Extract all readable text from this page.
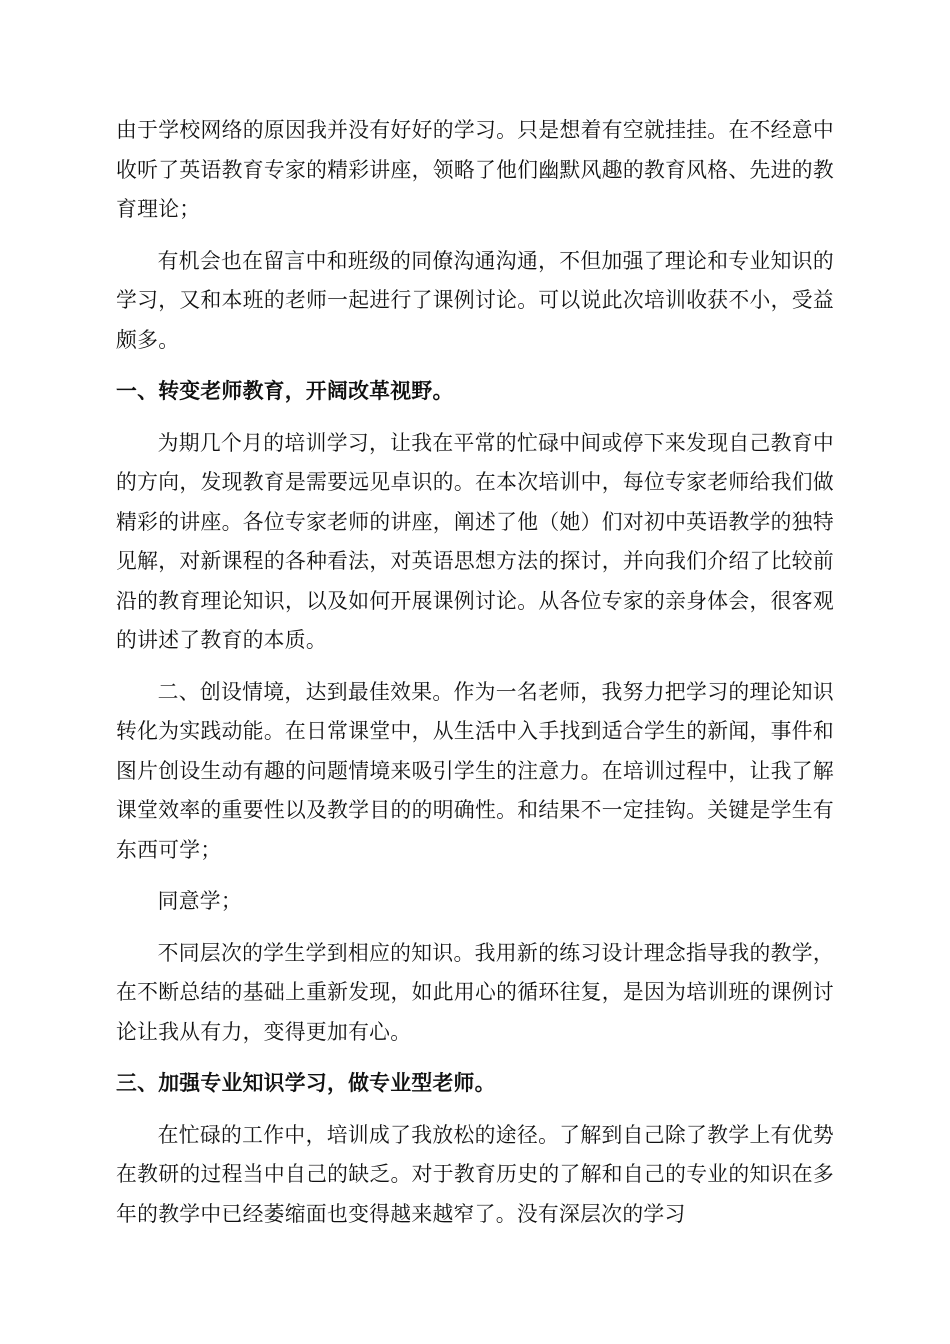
由于学校网络的原因我并没有好好的学习。只是想着有空就挂挂。在不经意中收听了英语教育专家的精彩讲座，领略了他们幽默风趣的教育风格、先进的教育理论；

有机会也在留言中和班级的同僚沟通沟通，不但加强了理论和专业知识的学习，又和本班的老师一起进行了课例讨论。可以说此次培训收获不小，受益颇多。

一、转变老师教育，开阔改革视野。

为期几个月的培训学习，让我在平常的忙碌中间或停下来发现自己教育中的方向，发现教育是需要远见卓识的。在本次培训中，每位专家老师给我们做精彩的讲座。各位专家老师的讲座，阐述了他（她）们对初中英语教学的独特见解，对新课程的各种看法，对英语思想方法的探讨，并向我们介绍了比较前沿的教育理论知识，以及如何开展课例讨论。从各位专家的亲身体会，很客观的讲述了教育的本质。

二、创设情境，达到最佳效果。作为一名老师，我努力把学习的理论知识转化为实践动能。在日常课堂中，从生活中入手找到适合学生的新闻，事件和图片创设生动有趣的问题情境来吸引学生的注意力。在培训过程中，让我了解课堂效率的重要性以及教学目的的明确性。和结果不一定挂钩。关键是学生有东西可学；

同意学；

不同层次的学生学到相应的知识。我用新的练习设计理念指导我的教学，在不断总结的基础上重新发现，如此用心的循环往复，是因为培训班的课例讨论让我从有力，变得更加有心。

三、加强专业知识学习，做专业型老师。

在忙碌的工作中，培训成了我放松的途径。了解到自己除了教学上有优势在教研的过程当中自己的缺乏。对于教育历史的了解和自己的专业的知识在多年的教学中已经萎缩面也变得越来越窄了。没有深层次的学习
